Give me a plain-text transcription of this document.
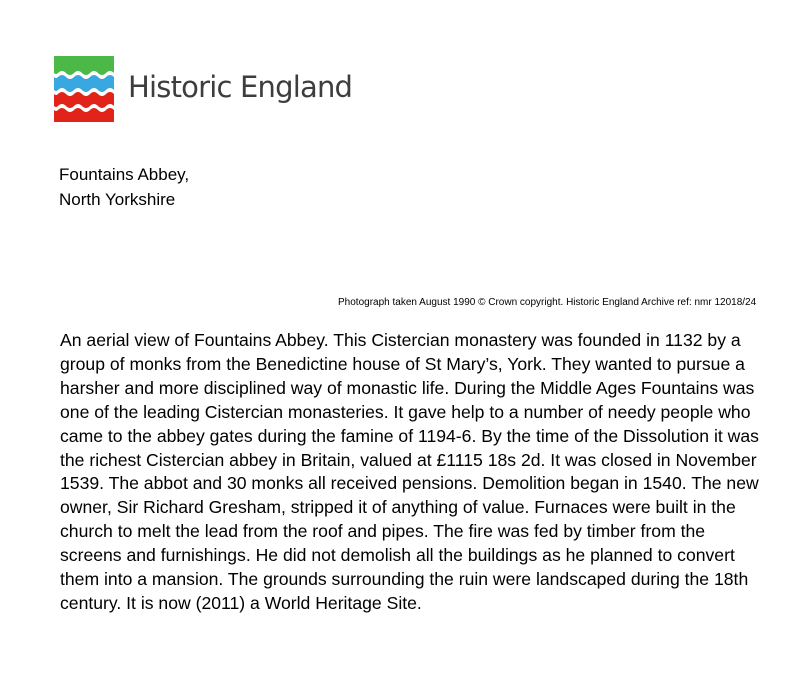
Historic England
Fountains Abbey,
North Yorkshire
Photograph taken August 1990 © Crown copyright. Historic England Archive ref: nmr 12018/24

An aerial view of Fountains Abbey. This Cistercian monastery was founded in 1132 by a group of monks from the Benedictine house of St Mary’s, York. They wanted to pursue a harsher and more disciplined way of monastic life. During the Middle Ages Fountains was one of the leading Cistercian monasteries. It gave help to a number of needy people who came to the abbey gates during the famine of 1194-6. By the time of the Dissolution it was the richest Cistercian abbey in Britain, valued at £1115 18s 2d. It was closed in November 1539. The abbot and 30 monks all received pensions. Demolition began in 1540. The new owner, Sir Richard Gresham, stripped it of anything of value. Furnaces were built in the church to melt the lead from the roof and pipes. The fire was fed by timber from the screens and furnishings. He did not demolish all the buildings as he planned to convert them into a mansion. The grounds surrounding the ruin were landscaped during the 18th century. It is now (2011) a World Heritage Site.
